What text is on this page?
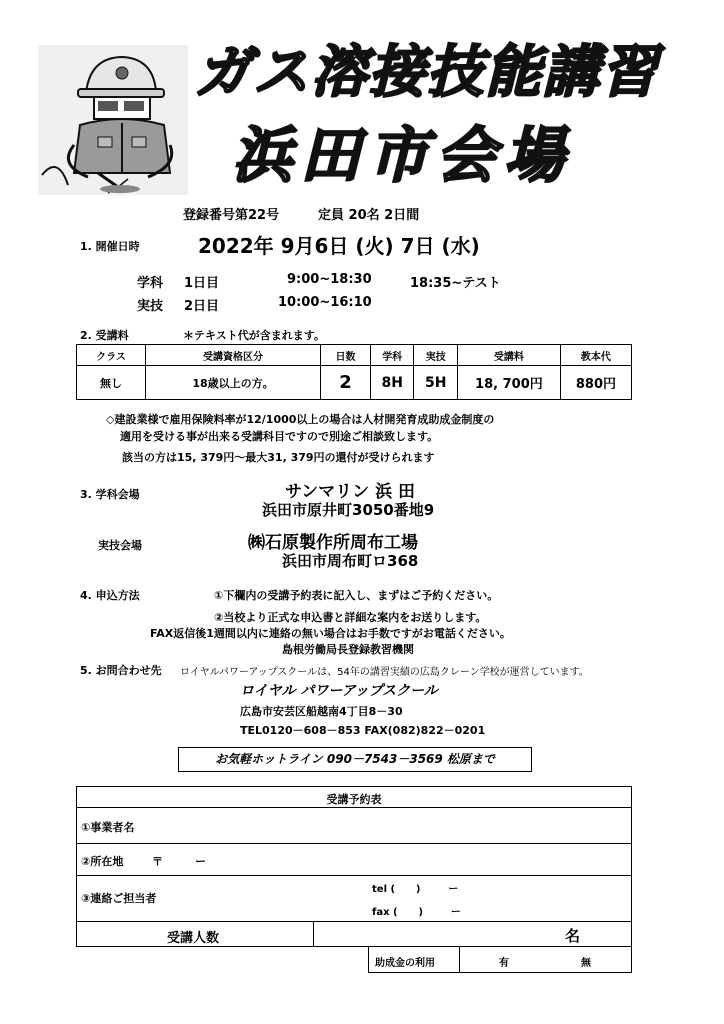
ガス溶接技能講習
浜田市会場
登録番号第22号	定員 20名 2日間
1. 開催日時	2022年 9月6日 (火) 7日 (水)
学科 1日目	9:00~18:30	18:35~テスト
実技 2日目	10:00~16:10
2. 受講料	＊テキスト代が含まれます。
クラス	受講資格区分	日数	学科	実技	受講料	教本代
無し	18歳以上の方。	2	8H	5H	18, 700円	880円
◇建設業様で雇用保険料率が12/1000以上の場合は人材開発育成助成金制度の
適用を受ける事が出来る受講科目ですので別途ご相談致します。
該当の方は15, 379円～最大31, 379円の還付が受けられます
3. 学科会場	サンマリン 浜 田
浜田市原井町3050番地9
実技会場	㈱石原製作所周布工場
浜田市周布町ロ368
4. 申込方法	①下欄内の受講予約表に記入し、まずはご予約ください。
②当校より正式な申込書と詳細な案内をお送りします。
FAX返信後1週間以内に連絡の無い場合はお手数ですがお電話ください。
島根労働局長登録教習機関
5. お問合わせ先 ロイヤルパワーアップスクールは、54年の講習実績の広島クレーン学校が運営しています。
ロイヤル パワーアップスクール
広島市安芸区船越南4丁目8－30
TEL0120－608－853 FAX(082)822－0201
お気軽ホットライン 090－7543－3569 松原まで
受講予約表
①事業者名
②所在地	〒	ー
③連絡ご担当者
tel (      )        ー
fax (      )        ー
受講人数	名
助成金の利用	有	無
